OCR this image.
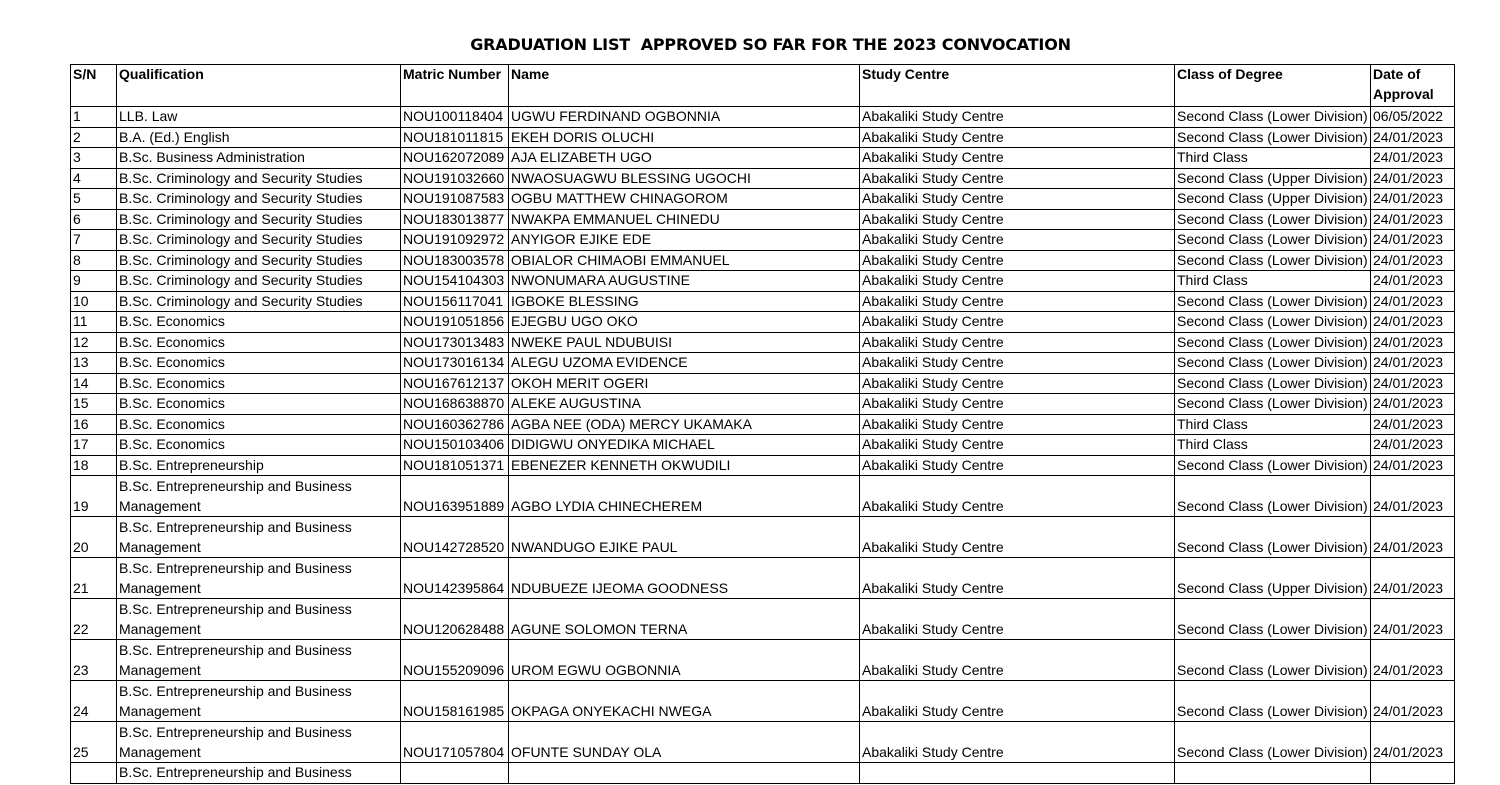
GRADUATION LIST  APPROVED SO FAR FOR THE 2023 CONVOCATION
S/N	Qualification	Matric Number	Name	Study Centre	Class of Degree	Date of
Approval
1	LLB. Law	NOU100118404	UGWU FERDINAND OGBONNIA	Abakaliki Study Centre	Second Class (Lower Division)	06/05/2022
2	B.A. (Ed.) English	NOU181011815	EKEH DORIS OLUCHI	Abakaliki Study Centre	Second Class (Lower Division)	24/01/2023
3	B.Sc. Business Administration	NOU162072089	AJA ELIZABETH UGO	Abakaliki Study Centre	Third Class	24/01/2023
4	B.Sc. Criminology and Security Studies	NOU191032660	NWAOSUAGWU BLESSING UGOCHI	Abakaliki Study Centre	Second Class (Upper Division)	24/01/2023
5	B.Sc. Criminology and Security Studies	NOU191087583	OGBU MATTHEW CHINAGOROM	Abakaliki Study Centre	Second Class (Upper Division)	24/01/2023
6	B.Sc. Criminology and Security Studies	NOU183013877	NWAKPA EMMANUEL CHINEDU	Abakaliki Study Centre	Second Class (Lower Division)	24/01/2023
7	B.Sc. Criminology and Security Studies	NOU191092972	ANYIGOR EJIKE EDE	Abakaliki Study Centre	Second Class (Lower Division)	24/01/2023
8	B.Sc. Criminology and Security Studies	NOU183003578	OBIALOR CHIMAOBI EMMANUEL	Abakaliki Study Centre	Second Class (Lower Division)	24/01/2023
9	B.Sc. Criminology and Security Studies	NOU154104303	NWONUMARA AUGUSTINE	Abakaliki Study Centre	Third Class	24/01/2023
10	B.Sc. Criminology and Security Studies	NOU156117041	IGBOKE BLESSING	Abakaliki Study Centre	Second Class (Lower Division)	24/01/2023
11	B.Sc. Economics	NOU191051856	EJEGBU UGO OKO	Abakaliki Study Centre	Second Class (Lower Division)	24/01/2023
12	B.Sc. Economics	NOU173013483	NWEKE PAUL NDUBUISI	Abakaliki Study Centre	Second Class (Lower Division)	24/01/2023
13	B.Sc. Economics	NOU173016134	ALEGU UZOMA EVIDENCE	Abakaliki Study Centre	Second Class (Lower Division)	24/01/2023
14	B.Sc. Economics	NOU167612137	OKOH MERIT OGERI	Abakaliki Study Centre	Second Class (Lower Division)	24/01/2023
15	B.Sc. Economics	NOU168638870	ALEKE AUGUSTINA	Abakaliki Study Centre	Second Class (Lower Division)	24/01/2023
16	B.Sc. Economics	NOU160362786	AGBA NEE (ODA) MERCY UKAMAKA	Abakaliki Study Centre	Third Class	24/01/2023
17	B.Sc. Economics	NOU150103406	DIDIGWU ONYEDIKA MICHAEL	Abakaliki Study Centre	Third Class	24/01/2023
18	B.Sc. Entrepreneurship	NOU181051371	EBENEZER KENNETH OKWUDILI	Abakaliki Study Centre	Second Class (Lower Division)	24/01/2023
19	B.Sc. Entrepreneurship and Business Management	NOU163951889	AGBO LYDIA CHINECHEREM	Abakaliki Study Centre	Second Class (Lower Division)	24/01/2023
20	B.Sc. Entrepreneurship and Business Management	NOU142728520	NWANDUGO EJIKE PAUL	Abakaliki Study Centre	Second Class (Lower Division)	24/01/2023
21	B.Sc. Entrepreneurship and Business Management	NOU142395864	NDUBUEZE IJEOMA GOODNESS	Abakaliki Study Centre	Second Class (Upper Division)	24/01/2023
22	B.Sc. Entrepreneurship and Business Management	NOU120628488	AGUNE SOLOMON TERNA	Abakaliki Study Centre	Second Class (Lower Division)	24/01/2023
23	B.Sc. Entrepreneurship and Business Management	NOU155209096	UROM EGWU OGBONNIA	Abakaliki Study Centre	Second Class (Lower Division)	24/01/2023
24	B.Sc. Entrepreneurship and Business Management	NOU158161985	OKPAGA ONYEKACHI NWEGA	Abakaliki Study Centre	Second Class (Lower Division)	24/01/2023
25	B.Sc. Entrepreneurship and Business Management	NOU171057804	OFUNTE SUNDAY OLA	Abakaliki Study Centre	Second Class (Lower Division)	24/01/2023
	B.Sc. Entrepreneurship and Business					
